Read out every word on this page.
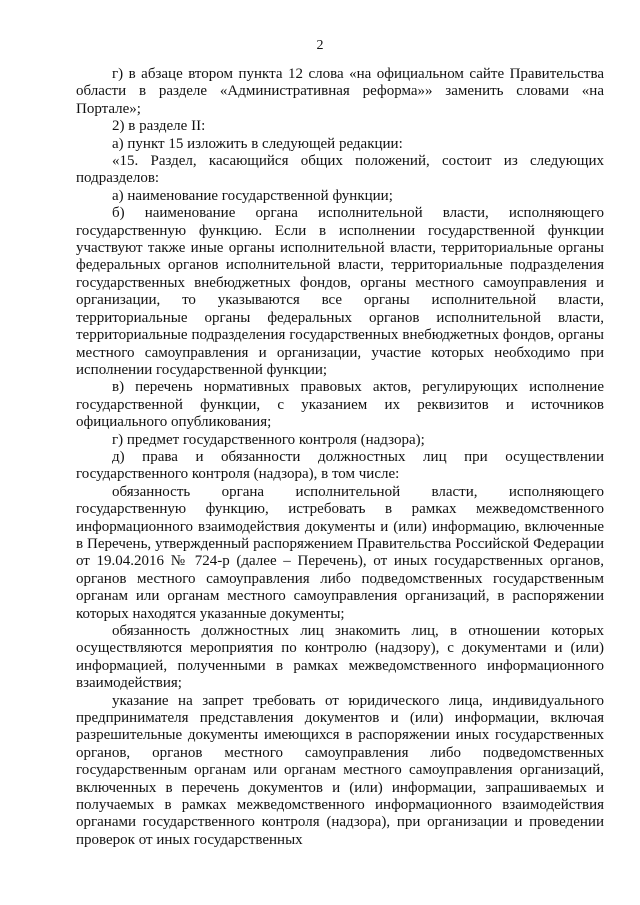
2

г) в абзаце втором пункта 12 слова «на официальном сайте Правительства области в разделе «Административная реформа»» заменить словами «на Портале»;

2) в разделе II:

а) пункт 15 изложить в следующей редакции:

«15. Раздел, касающийся общих положений, состоит из следующих подразделов:

а) наименование государственной функции;

б) наименование органа исполнительной власти, исполняющего государственную функцию. Если в исполнении государственной функции участвуют также иные органы исполнительной власти, территориальные органы федеральных органов исполнительной власти, территориальные подразделения государственных внебюджетных фондов, органы местного самоуправления и организации, то указываются все органы исполнительной власти, территориальные органы федеральных органов исполнительной власти, территориальные подразделения государственных внебюджетных фондов, органы местного самоуправления и организации, участие которых необходимо при исполнении государственной функции;

в) перечень нормативных правовых актов, регулирующих исполнение государственной функции, с указанием их реквизитов и источников официального опубликования;

г) предмет государственного контроля (надзора);

д) права и обязанности должностных лиц при осуществлении государственного контроля (надзора), в том числе:

обязанность органа исполнительной власти, исполняющего государственную функцию, истребовать в рамках межведомственного информационного взаимодействия документы и (или) информацию, включенные в Перечень, утвержденный распоряжением Правительства Российской Федерации от 19.04.2016 № 724-р (далее – Перечень), от иных государственных органов, органов местного самоуправления либо подведомственных государственным органам или органам местного самоуправления организаций, в распоряжении которых находятся указанные документы;

обязанность должностных лиц знакомить лиц, в отношении которых осуществляются мероприятия по контролю (надзору), с документами и (или) информацией, полученными в рамках межведомственного информационного взаимодействия;

указание на запрет требовать от юридического лица, индивидуального предпринимателя представления документов и (или) информации, включая разрешительные документы имеющихся в распоряжении иных государственных органов, органов местного самоуправления либо подведомственных государственным органам или органам местного самоуправления организаций, включенных в перечень документов и (или) информации, запрашиваемых и получаемых в рамках межведомственного информационного взаимодействия органами государственного контроля (надзора), при организации и проведении проверок от иных государственных
